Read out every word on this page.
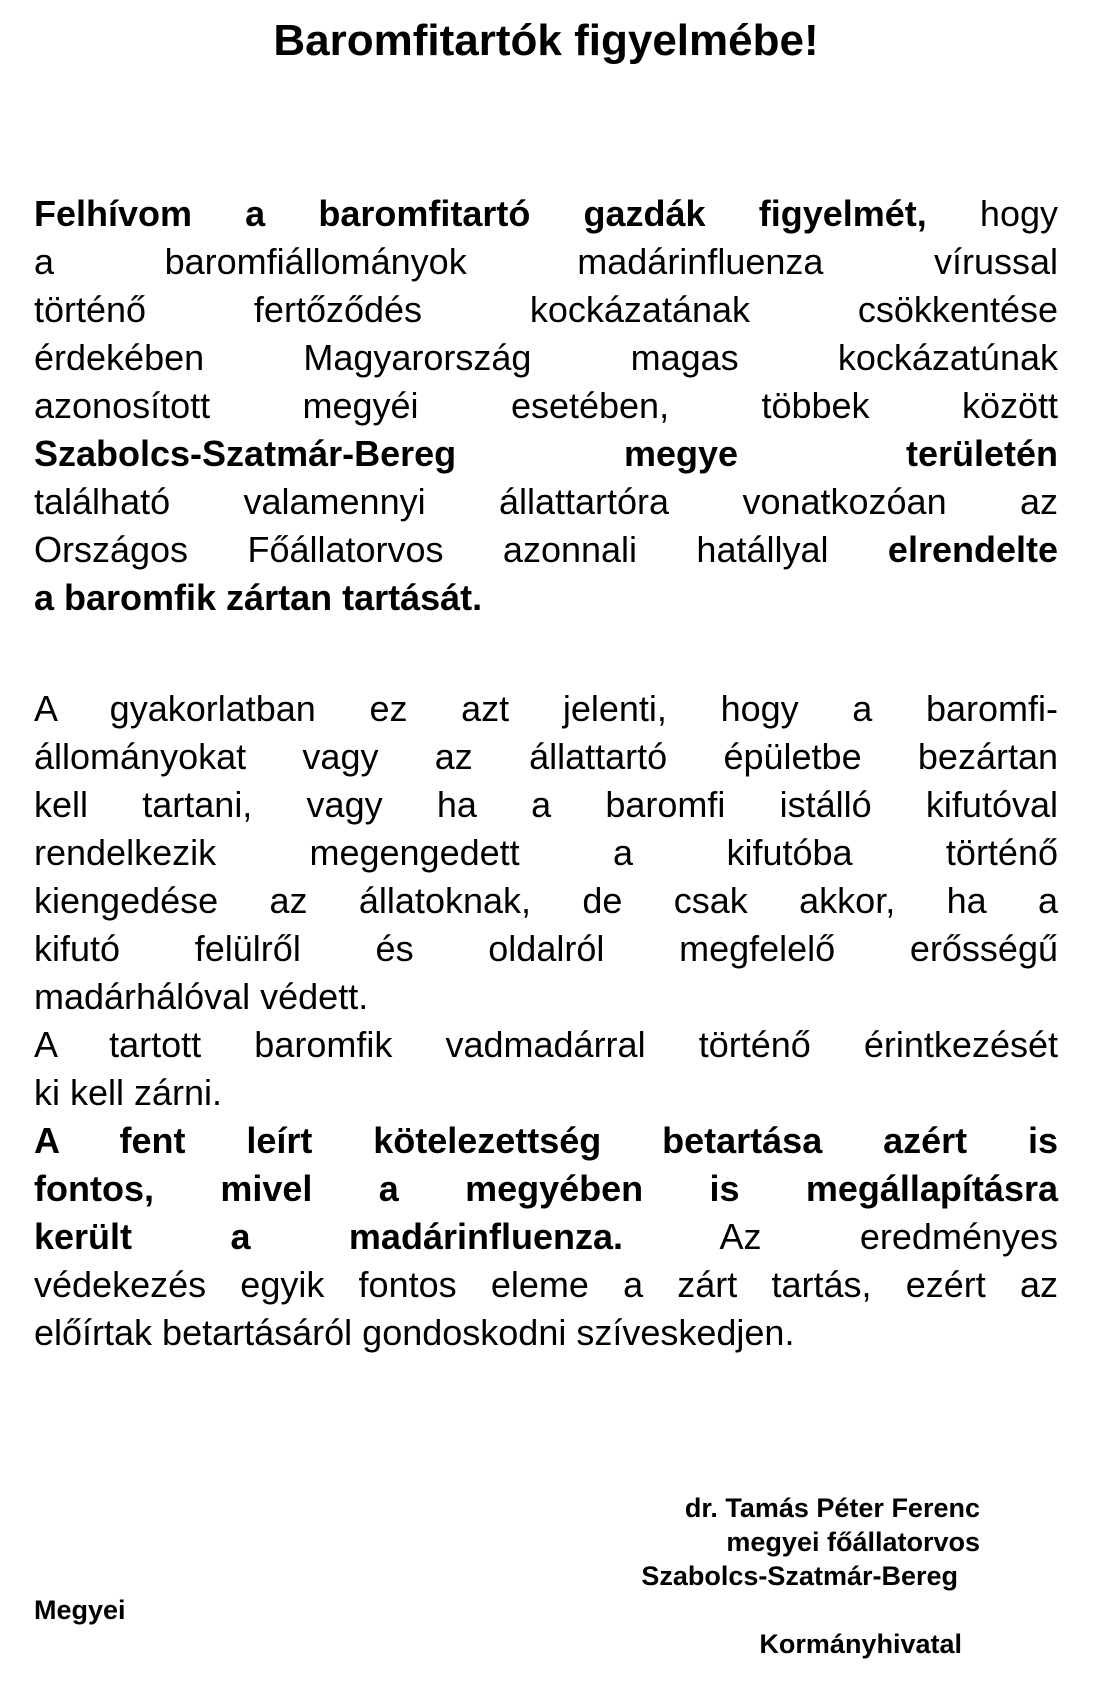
Baromfitartók figyelmébe!
Felhívom a baromfitartó gazdák figyelmét, hogy
a baromfiállományok madárinfluenza vírussal
történő fertőződés kockázatának csökkentése
érdekében Magyarország magas kockázatúnak
azonosított megyéi esetében, többek között
Szabolcs-Szatmár-Bereg megye területén
található valamennyi állattartóra vonatkozóan az
Országos Főállatorvos azonnali hatállyal elrendelte
a baromfik zártan tartását.
A gyakorlatban ez azt jelenti, hogy a baromfi-
állományokat vagy az állattartó épületbe bezártan
kell tartani, vagy ha a baromfi istálló kifutóval
rendelkezik megengedett a kifutóba történő
kiengedése az állatoknak, de csak akkor, ha a
kifutó felülről és oldalról megfelelő erősségű
madárhálóval védett.
A tartott baromfik vadmadárral történő érintkezését
ki kell zárni.
A fent leírt kötelezettség betartása azért is
fontos, mivel a megyében is megállapításra
került a madárinfluenza. Az eredményes
védekezés egyik fontos eleme a zárt tartás, ezért az
előírtak betartásáról gondoskodni szíveskedjen.
dr. Tamás Péter Ferenc
megyei főállatorvos
Szabolcs-Szatmár-Bereg
Megyei
Kormányhivatal
